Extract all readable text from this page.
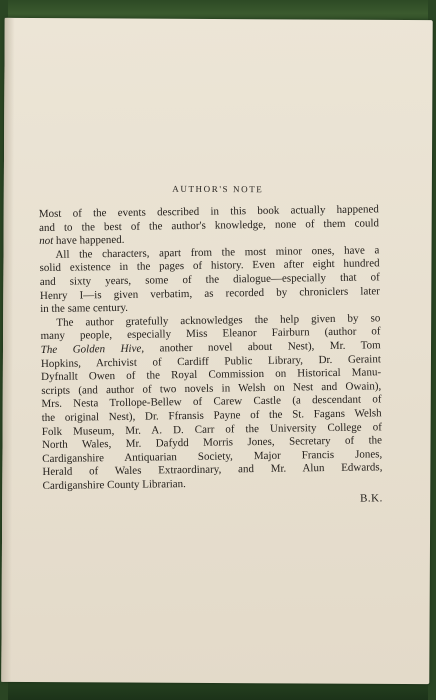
AUTHOR'S NOTE
Most of the events described in this book actually happened
and to the best of the author's knowledge, none of them could
not have happened.
All the characters, apart from the most minor ones, have a
solid existence in the pages of history. Even after eight hundred
and sixty years, some of the dialogue—especially that of
Henry I—is given verbatim, as recorded by chroniclers later
in the same century.
The author gratefully acknowledges the help given by so
many people, especially Miss Eleanor Fairburn (author of
The Golden Hive, another novel about Nest), Mr. Tom
Hopkins, Archivist of Cardiff Public Library, Dr. Geraint
Dyfnallt Owen of the Royal Commission on Historical Manu-
scripts (and author of two novels in Welsh on Nest and Owain),
Mrs. Nesta Trollope-Bellew of Carew Castle (a descendant of
the original Nest), Dr. Ffransis Payne of the St. Fagans Welsh
Folk Museum, Mr. A. D. Carr of the University College of
North Wales, Mr. Dafydd Morris Jones, Secretary of the
Cardiganshire Antiquarian Society, Major Francis Jones,
Herald of Wales Extraordinary, and Mr. Alun Edwards,
Cardiganshire County Librarian.
B.K.
